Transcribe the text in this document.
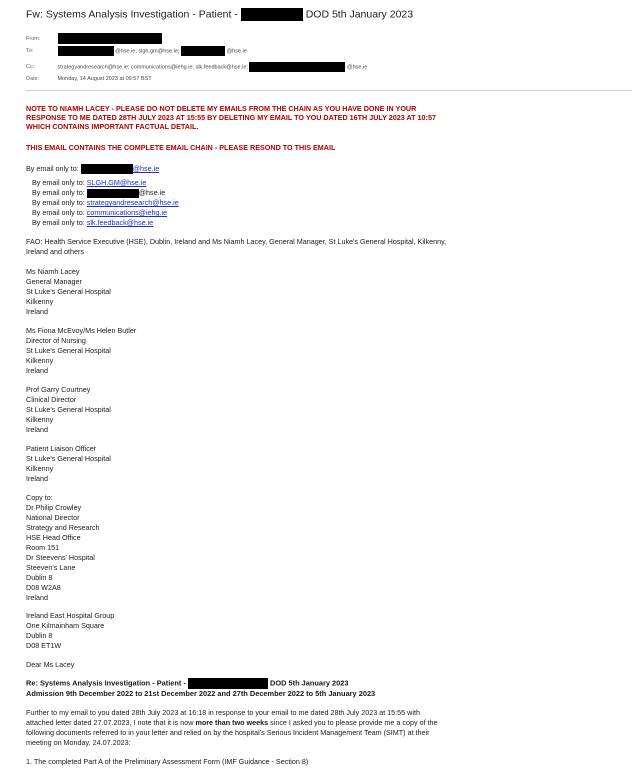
Fw: Systems Analysis Investigation - Patient -	DOD 5th January 2023
From:
To:	@hse.ie; slgh.gm@hse.ie;	@hse.ie
Cc:	strategyandresearch@hse.ie; communications@iehg.ie; slk.feedback@hse.ie;	@hse.ie
Date:	Monday, 14 August 2023 at 09:57 BST
NOTE TO NIAMH LACEY - PLEASE DO NOT DELETE MY EMAILS FROM THE CHAIN AS YOU HAVE DONE IN YOUR
RESPONSE TO ME DATED 28TH JULY 2023 AT 15:55 BY DELETING MY EMAIL TO YOU DATED 16TH JULY 2023 AT 10:57
WHICH CONTAINS IMPORTANT FACTUAL DETAIL.
THIS EMAIL CONTAINS THE COMPLETE EMAIL CHAIN - PLEASE RESOND TO THIS EMAIL
By email only to:	@hse.ie
By email only to: SLGH.GM@hse.ie
By email only to:	@hse.ie
By email only to: strategyandresearch@hse.ie
By email only to: communications@iehg.ie
By email only to: slk.feedback@hse.ie
FAO: Health Service Executive (HSE), Dublin, Ireland and Ms Niamh Lacey, General Manager, St Luke's General Hospital, Kilkenny,
Ireland and others
Ms Niamh Lacey
General Manager
St Luke's General Hospital
Kilkenny
Ireland
Ms Fiona McEvoy/Ms Helen Butler
Director of Nursing
St Luke's General Hospital
Kilkenny
Ireland
Prof Garry Courtney
Clinical Director
St Luke's General Hospital
Kilkenny
Ireland
Patient Liaison Officer
St Luke's General Hospital
Kilkenny
Ireland
Copy to:
Dr Philip Crowley
National Director
Strategy and Research
HSE Head Office
Room 151
Dr Steevens' Hospital
Steeven's Lane
Dublin 8
D08 W2A8
Ireland
Ireland East Hospital Group
One Kilmainham Square
Dublin 8
D08 ET1W
Dear Ms Lacey
Re: Systems Analysis Investigation - Patient -	DOD 5th January 2023
Admission 9th December 2022 to 21st December 2022 and 27th December 2022 to 5th January 2023
Further to my email to you dated 28th July 2023 at 16:18 in response to your email to me dated 28th July 2023 at 15:55 with
attached letter dated 27.07.2023, I note that it is now more than two weeks since I asked you to please provide me a copy of the
following documents referred to in your letter and relied on by the hospital's Serious Incident Management Team (SIMT) at their
meeting on Monday, 24.07.2023:
1. The completed Part A of the Preliminary Assessment Form (IMF Guidance - Section 8)
